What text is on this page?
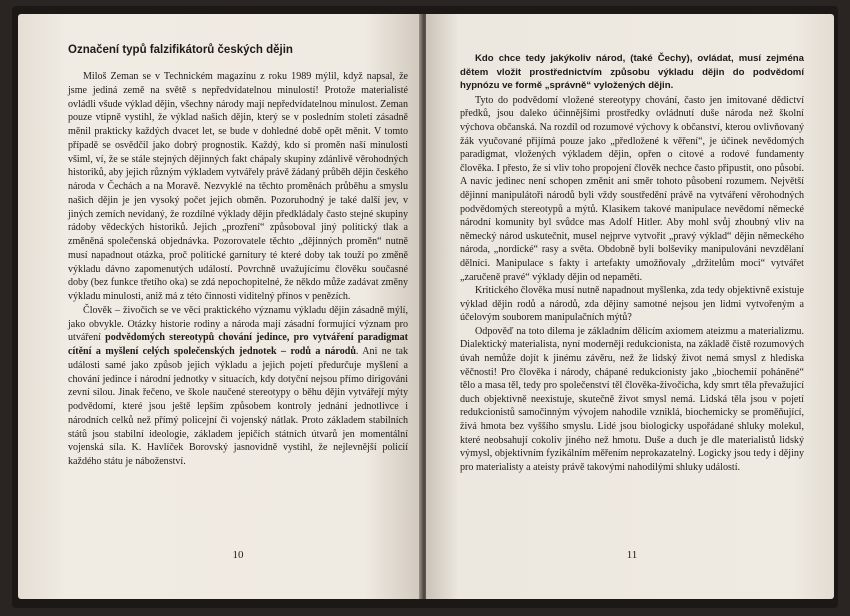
Označení typů falzifikátorů českých dějin

Miloš Zeman se v Technickém magazínu z roku 1989 mýlil, když napsal, že jsme jediná země na světě s nepředvídatelnou minulostí! Protože materialisté ovládli všude výklad dějin, všechny národy mají nepředvídatelnou minulost. Zeman pouze vtipně vystihl, že výklad našich dějin, který se v posledním století zásadně měnil prakticky každých dvacet let, se bude v dohledné době opět měnit. V tomto případě se osvědčil jako dobrý prognostik. Každý, kdo si proměn naší minulosti všiml, ví, že se stále stejných dějinných fakt chápaly skupiny zdánlivě věrohodných historiků, aby jejich různým výkladem vytvářely právě žádaný průběh dějin českého národa v Čechách a na Moravě. Nezvyklé na těchto proměnách průběhu a smyslu našich dějin je jen vysoký počet jejich obměn. Pozoruhodný je také další jev, v jiných zemích nevídaný, že rozdílné výklady dějin předkládaly často stejné skupiny rádoby vědeckých historiků. Jejich „prozření“ způsoboval jiný politický tlak a změněná společenská objednávka. Pozorovatele těchto „dějinných proměn“ nutně musí napadnout otázka, proč politické garnitury té které doby tak touží po změně výkladu dávno zapomenutých událostí. Povrchně uvažujícímu člověku současné doby (bez funkce třetího oka) se zdá nepochopitelné, že někdo může zadávat změny výkladu minulosti, aniž má z této činnosti viditelný přínos v penězích.

Člověk – živočich se ve věci praktického významu výkladu dějin zásadně mýlí, jako obvykle. Otázky historie rodiny a národa mají zásadní formující význam pro utváření podvědomých stereotypů chování jedince, pro vytváření paradigmat cítění a myšlení celých společenských jednotek – rodů a národů. Ani ne tak události samé jako způsob jejich výkladu a jejich pojetí předurčuje myšlení a chování jedince i národní jednotky v situacích, kdy dotyční nejsou přímo dirigováni zevní silou. Jinak řečeno, ve škole naučené stereotypy o běhu dějin vytvářejí mýty podvědomí, které jsou ještě lepším způsobem kontroly jednání jednotlivce i národních celků než přímý policejní či vojenský nátlak. Proto základem stabilních států jsou stabilní ideologie, základem jepičích státních útvarů jen momentální vojenská síla. K. Havlíček Borovský jasnovidně vystihl, že nejlevnější policií každého státu je náboženství.

10

Kdo chce tedy jakýkoliv národ, (také Čechy), ovládat, musí zejména dětem vložit prostřednictvím způsobu výkladu dějin do podvědomí hypnózu ve formě „správně“ vyložených dějin.

Tyto do podvědomí vložené stereotypy chování, často jen imitované dědictví předků, jsou daleko účinnějšími prostředky ovládnutí duše národa než školní výchova občanská. Na rozdíl od rozumové výchovy k občanství, kterou ovlivňovaný žák vyučované přijímá pouze jako „předložené k věření“, je účinek nevědomých paradigmat, vložených výkladem dějin, opřen o citové a rodové fundamenty člověka. I přesto, že si vliv toho propojení člověk nechce často připustit, ono působí. A navíc jedinec není schopen změnit ani směr tohoto působení rozumem. Největší dějinní manipulátoři národů byli vždy soustředění právě na vytváření věrohodných podvědomých stereotypů a mýtů. Klasikem takové manipulace nevědomí německé národní komunity byl svůdce mas Adolf Hitler. Aby mohl svůj zhoubný vliv na německý národ uskutečnit, musel nejprve vytvořit „pravý výklad“ dějin německého národa, „nordické“ rasy a světa. Obdobně byli bolševiky manipulováni nevzdělaní dělníci. Manipulace s fakty i artefakty umožňovaly „držitelům moci“ vytvářet „zaručeně pravé“ výklady dějin od nepaměti.

Kritického člověka musí nutně napadnout myšlenka, zda tedy objektivně existuje výklad dějin rodů a národů, zda dějiny samotné nejsou jen lidmi vytvořeným a účelovým souborem manipulačních mýtů?

Odpověď na toto dilema je základním dělicím axiomem ateizmu a materializmu. Dialektický materialista, nyní moderněji redukcionista, na základě čistě rozumových úvah nemůže dojít k jinému závěru, než že lidský život nemá smysl z hlediska věčnosti! Pro člověka i národy, chápané redukcionisty jako „biochemií poháněné“ tělo a masa těl, tedy pro společenství těl člověka-živočicha, kdy smrt těla převažující duch objektivně neexistuje, skutečně život smysl nemá. Lidská těla jsou v pojetí redukcionistů samočinným vývojem nahodile vzniklá, biochemicky se proměňující, živá hmota bez vyššího smyslu. Lidé jsou biologicky uspořádané shluky molekul, které neobsahují cokoliv jiného než hmotu. Duše a duch je dle materialistů lidský výmysl, objektivním fyzikálním měřením neprokazatelný. Logicky jsou tedy i dějiny pro materialisty a ateisty právě takovými nahodilými shluky událostí.

11
